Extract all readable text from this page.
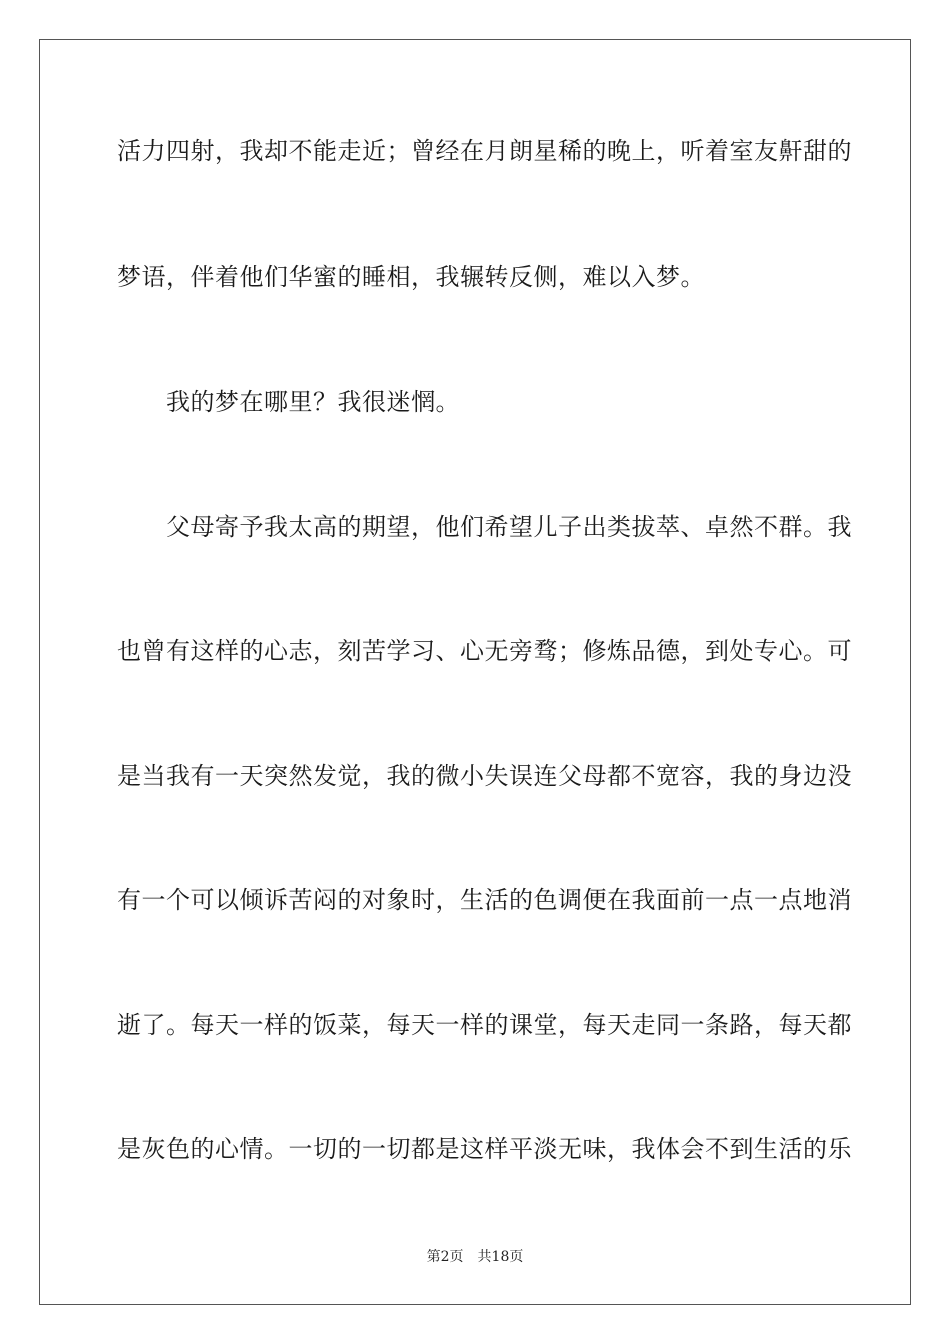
活力四射，我却不能走近；曾经在月朗星稀的晚上，听着室友鼾甜的
梦语，伴着他们华蜜的睡相，我辗转反侧，难以入梦。
　　我的梦在哪里？我很迷惘。
　　父母寄予我太高的期望，他们希望儿子出类拔萃、卓然不群。我
也曾有这样的心志，刻苦学习、心无旁骛；修炼品德，到处专心。可
是当我有一天突然发觉，我的微小失误连父母都不宽容，我的身边没
有一个可以倾诉苦闷的对象时，生活的色调便在我面前一点一点地消
逝了。每天一样的饭菜，每天一样的课堂，每天走同一条路，每天都
是灰色的心情。一切的一切都是这样平淡无味，我体会不到生活的乐
第2页 共18页
